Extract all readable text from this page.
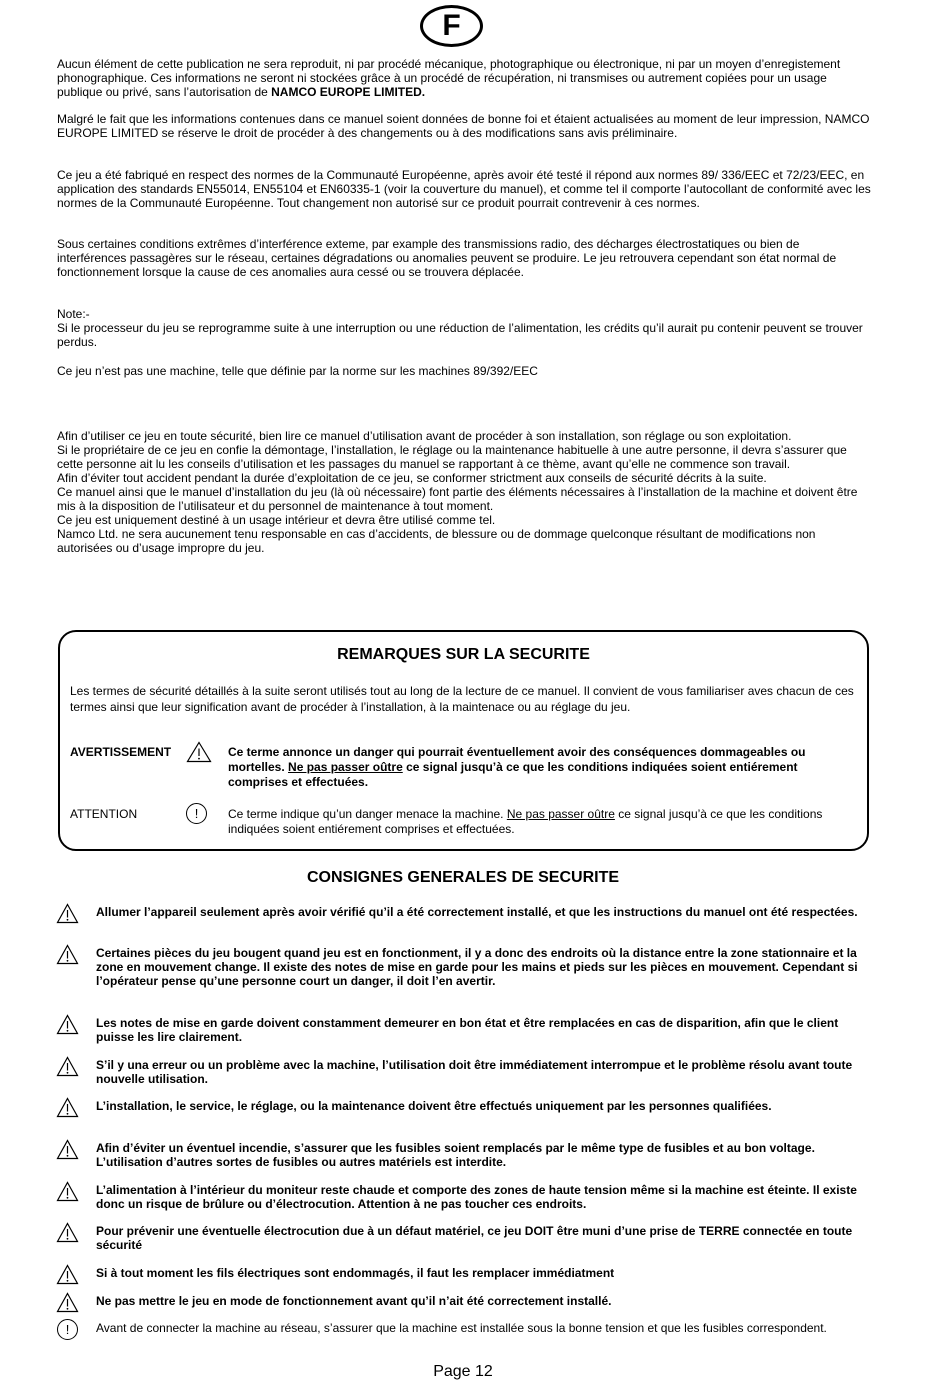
F
Aucun élément de cette publication ne sera reproduit, ni par procédé mécanique, photographique ou électronique, ni par un moyen d’enregistement phonographique. Ces informations ne seront ni stockées grâce à un procédé de récupération, ni transmises ou autrement copiées pour un usage publique ou privé, sans l’autorisation de NAMCO EUROPE LIMITED.
Malgré le fait que les informations contenues dans ce manuel soient données de bonne foi et étaient actualisées au moment de leur impression, NAMCO EUROPE LIMITED se réserve le droit de procéder à des changements ou à des modifications sans avis préliminaire.
Ce jeu a été fabriqué en respect des normes de la Communauté Européenne, après avoir été testé il répond aux normes 89/ 336/EEC et 72/23/EEC, en application des standards EN55014, EN55104 et EN60335-1 (voir la couverture du manuel), et comme tel il comporte l’autocollant de conformité avec les normes de la Communauté Européenne. Tout changement non autorisé sur ce produit pourrait contrevenir à ces normes.
Sous certaines conditions extrêmes d’interférence exteme, par example des transmissions radio, des décharges électrostatiques ou bien de interférences passagères sur le réseau, certaines dégradations ou anomalies peuvent se produire. Le jeu retrouvera cependant son état normal de fonctionnement lorsque la cause de ces anomalies aura cessé ou se trouvera déplacée.

Note:-

Si le processeur du jeu se reprogramme suite à une interruption ou une réduction de l’alimentation, les crédits qu’il aurait pu contenir peuvent se trouver perdus.

Ce jeu n’est pas une machine, telle que définie par la norme sur les machines 89/392/EEC

Afin d’utiliser ce jeu en toute sécurité, bien lire ce manuel d’utilisation avant de procéder à son installation, son réglage ou son exploitation.

Si le propriétaire de ce jeu en confie la démontage, l’installation, le réglage ou la maintenance habituelle à une autre personne, il devra s’assurer que cette personne ait lu les conseils d’utilisation et les passages du manuel se rapportant à ce thème, avant qu’elle ne commence son travail.

Afin d’éviter tout accident pendant la durée d’exploitation de ce jeu, se conformer strictment aux conseils de sécurité décrits à la suite.

Ce manuel ainsi que le manuel d’installation du jeu (là où nécessaire) font partie des éléments nécessaires à l’installation de la machine et doivent être mis à la disposition de l’utilisateur et du personnel de maintenance à tout moment.

Ce jeu est uniquement destiné à un usage intérieur et devra être utilisé comme tel.

Namco Ltd. ne sera aucunement tenu responsable en cas d’accidents, de blessure ou de dommage quelconque résultant de modifications non autorisées ou d’usage impropre du jeu.

REMARQUES SUR LA SECURITE
Les termes de sécurité détaillés à la suite seront utilisés tout au long de la lecture de ce manuel. Il convient de vous familiariser aves chacun de ces termes ainsi que leur signification avant de procéder à l’installation, à la maintenace ou au réglage du jeu.
AVERTISSEMENT	Ce terme annonce un danger qui pourrait éventuellement avoir des conséquences dommageables ou mortelles. Ne pas passer oûtre ce signal jusqu’à ce que les conditions indiquées soient entiérement comprises et effectuées.
ATTENTION	!	Ce terme indique qu’un danger menace la machine. Ne pas passer oûtre ce signal jusqu’à ce que les conditions indiquées soient entiérement comprises et effectuées.
CONSIGNES GENERALES DE SECURITE
Allumer l’appareil seulement après avoir vérifié qu’il a été correctement installé, et que les instructions du manuel ont été respectées.
Certaines pièces du jeu bougent quand jeu est en fonctionment, il y a donc des endroits où la distance entre la zone stationnaire et la zone en mouvement change. Il existe des notes de mise en garde pour les mains et pieds sur les pièces en mouvement. Cependant si l’opérateur pense qu’une personne court un danger, il doit l’en avertir.
Les notes de mise en garde doivent constamment demeurer en bon état et être remplacées en cas de disparition, afin que le client puisse les lire clairement.
S’il y una erreur ou un problème avec la machine, l’utilisation doit être immédiatement interrompue et le problème résolu avant toute nouvelle utilisation.
L’installation, le service, le réglage, ou la maintenance doivent être effectués uniquement par les personnes qualifiées.
Afin d’éviter un éventuel incendie, s’assurer que les fusibles soient remplacés par le même type de fusibles et au bon voltage. L’utilisation d’autres sortes de fusibles ou autres matériels est interdite.
L’alimentation à l’intérieur du moniteur reste chaude et comporte des zones de haute tension même si la machine est éteinte. Il existe donc un risque de brûlure ou d’électrocution. Attention à ne pas toucher ces endroits.
Pour prévenir une éventuelle électrocution due à un défaut matériel, ce jeu DOIT être muni d’une prise de TERRE connectée en toute sécurité
Si à tout moment les fils électriques sont endommagés, il faut les remplacer immédiatment
Ne pas mettre le jeu en mode de fonctionnement avant qu’il n’ait été correctement installé.
!	Avant de connecter la machine au réseau, s’assurer que la machine est installée sous la bonne tension et que les fusibles correspondent.
Page 12
